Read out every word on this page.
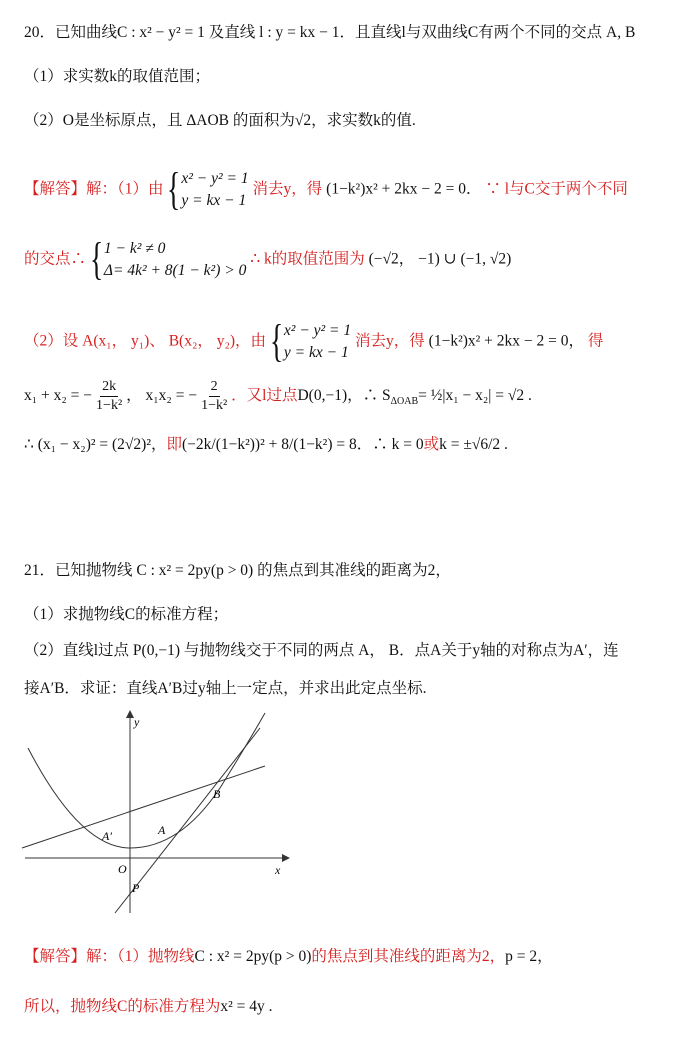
20．已知曲线C : x² − y² = 1 及直线 l : y = kx − 1．且直线l与双曲线C有两个不同的交点 A, B
（1）求实数k的取值范围；
（2）O是坐标原点，且 ΔAOB 的面积为√2，求实数k的值.
【解答】解：（1）由 { x² − y² = 1
y = kx − 1
消去y，得 (1−k²)x² + 2kx − 2 = 0． ∵ l与C交于两个不同
的交点∴ { 1 − k² ≠ 0
Δ= 4k² + 8(1 − k²) > 0
∴ k的取值范围为 (−√2， −1) ∪ (−1, √2)
（2）设 A(x₁， y₁)、 B(x₂， y₂)，由 { x² − y² = 1
y = kx − 1
消去y，得 (1−k²)x² + 2kx − 2 = 0， 得
x₁ + x₂ = − $\frac{2k}{\text{1−k²}}$ ， x₁x₂ = − $\frac{2}{\text{1−k²}}$ ．又l过点D(0,−1)，∴ $S_{\Delta OAB}=$ ½|x₁ − x₂| = √2 .
∴ (x₁ − x₂)² = (2√2)²，即(−2k/(1−k²))² + 8/(1−k²) = 8．∴ k = 0或k = ±√6/2 .
21．已知抛物线 C : x² = 2py(p > 0) 的焦点到其准线的距离为2，
（1）求抛物线C的标准方程；
（2）直线l过点 P(0,−1) 与抛物线交于不同的两点 A， B．点A关于y轴的对称点为A′，连
接A′B．求证：直线A′B过y轴上一定点，并求出此定点坐标.
y
x
O
P
A
A′
B
【解答】解：（1）抛物线C : x² = 2py(p > 0)的焦点到其准线的距离为2，p = 2，
所以，抛物线C的标准方程为x² = 4y .
